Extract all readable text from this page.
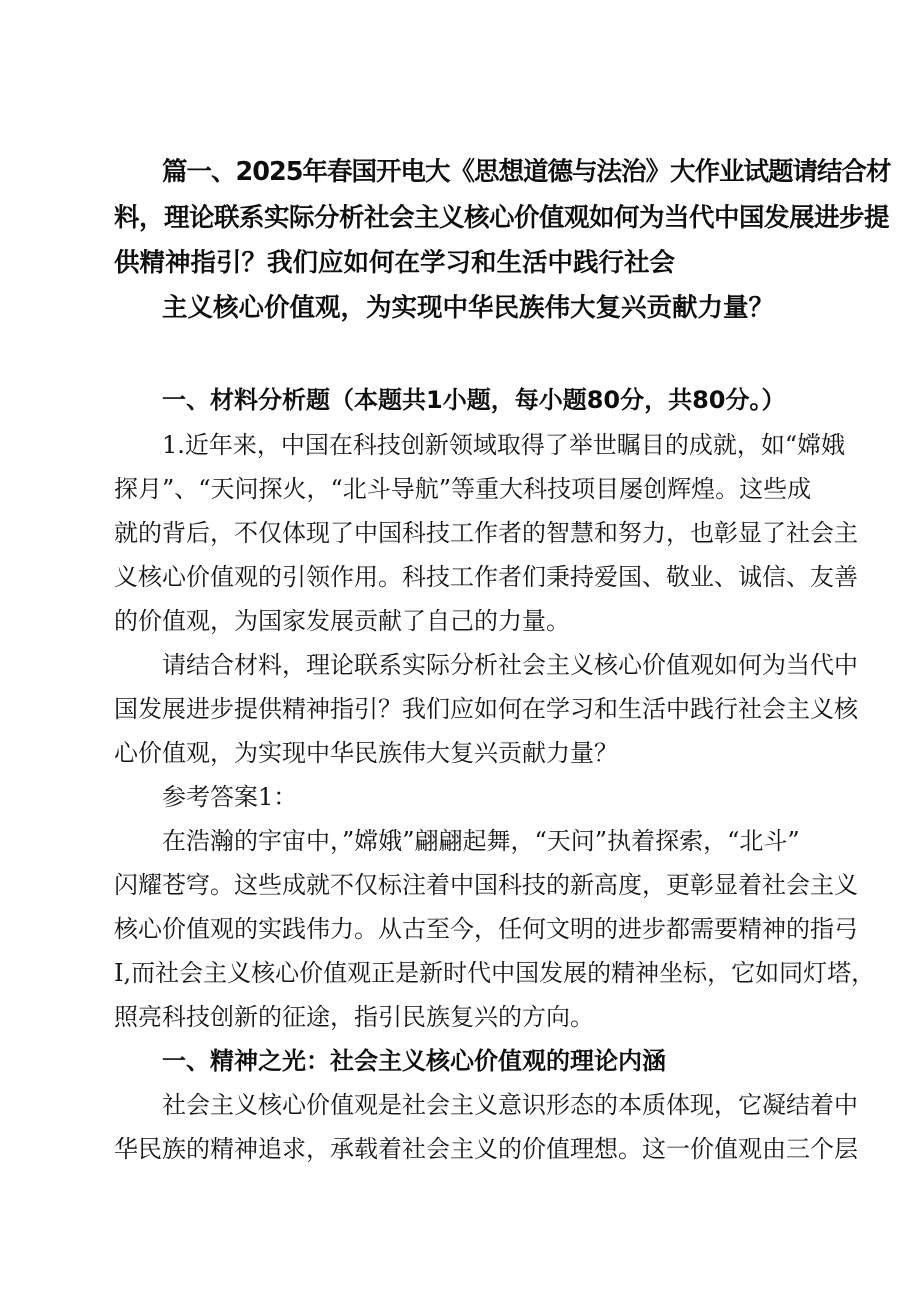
篇一、2025年春国开电大《思想道德与法治》大作业试题请结合材
料，理论联系实际分析社会主义核心价值观如何为当代中国发展进步提
供精神指引？我们应如何在学习和生活中践行社会
主义核心价值观，为实现中华民族伟大复兴贡献力量？
一、材料分析题（本题共1小题，每小题80分，共80分。）
1.近年来，中国在科技创新领域取得了举世瞩目的成就，如“嫦娥
探月”、“天问探火，“北斗导航”等重大科技项目屡创辉煌。这些成
就的背后，不仅体现了中国科技工作者的智慧和努力，也彰显了社会主
义核心价值观的引领作用。科技工作者们秉持爱国、敬业、诚信、友善
的价值观，为国家发展贡献了自己的力量。
请结合材料，理论联系实际分析社会主义核心价值观如何为当代中
国发展进步提供精神指引？我们应如何在学习和生活中践行社会主义核
心价值观，为实现中华民族伟大复兴贡献力量？
参考答案1：
在浩瀚的宇宙中，”嫦娥”翩翩起舞，“天问”执着探索，“北斗”
闪耀苍穹。这些成就不仅标注着中国科技的新高度，更彰显着社会主义
核心价值观的实践伟力。从古至今，任何文明的进步都需要精神的指弓
I,而社会主义核心价值观正是新时代中国发展的精神坐标，它如同灯塔，
照亮科技创新的征途，指引民族复兴的方向。
一、精神之光：社会主义核心价值观的理论内涵
社会主义核心价值观是社会主义意识形态的本质体现，它凝结着中
华民族的精神追求，承载着社会主义的价值理想。这一价值观由三个层
